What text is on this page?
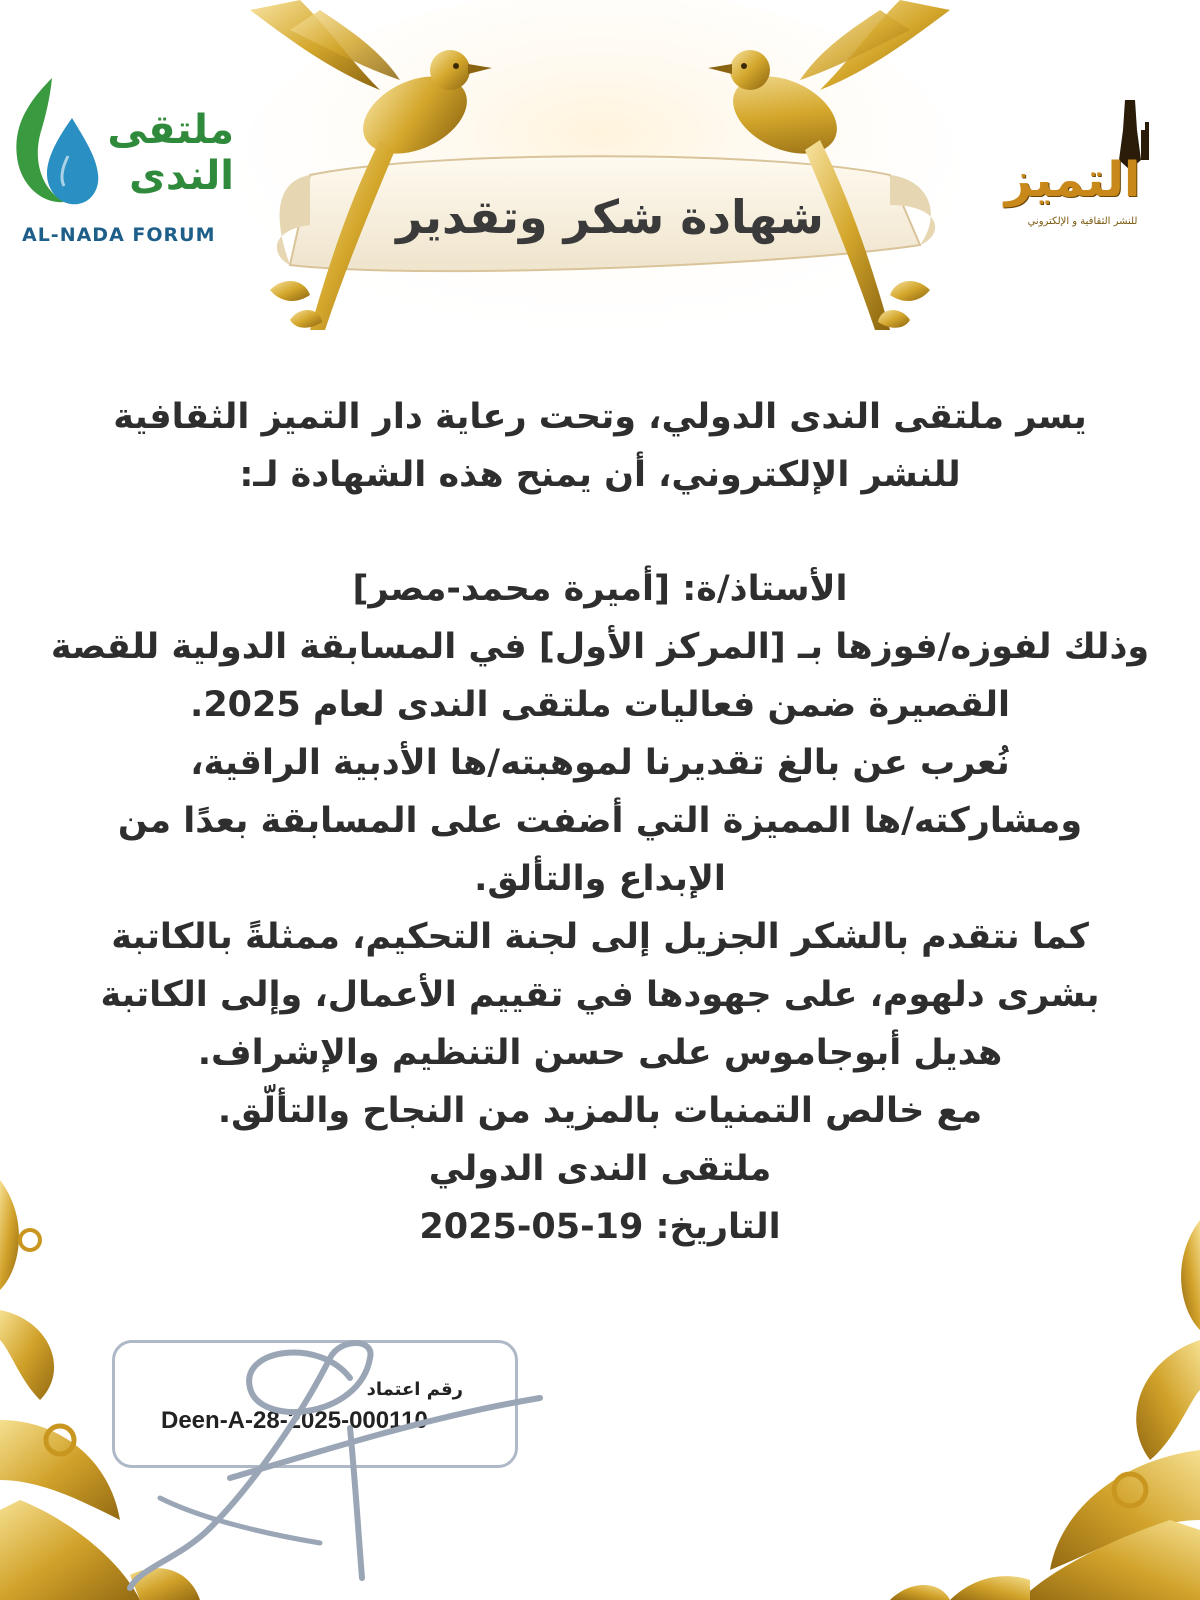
ملتقى
الندى
AL-NADA FORUM
التميز
للنشر الثقافية و الإلكتروني
شهادة شكر وتقدير
يسر ملتقى الندى الدولي، وتحت رعاية دار التميز الثقافية
للنشر الإلكتروني، أن يمنح هذه الشهادة لـ:
الأستاذ/ة: [أميرة محمد-مصر]
وذلك لفوزه/فوزها بـ [المركز الأول] في المسابقة الدولية للقصة
القصيرة ضمن فعاليات ملتقى الندى لعام 2025.
نُعرب عن بالغ تقديرنا لموهبته/ها الأدبية الراقية،
ومشاركته/ها المميزة التي أضفت على المسابقة بعدًا من
الإبداع والتألق.
كما نتقدم بالشكر الجزيل إلى لجنة التحكيم، ممثلةً بالكاتبة
بشرى دلهوم، على جهودها في تقييم الأعمال، وإلى الكاتبة
هديل أبوجاموس على حسن التنظيم والإشراف.
مع خالص التمنيات بالمزيد من النجاح والتألّق.
ملتقى الندى الدولي
التاريخ: 19-05-2025
رقم اعتماد
Deen-A-28-2025-000110
